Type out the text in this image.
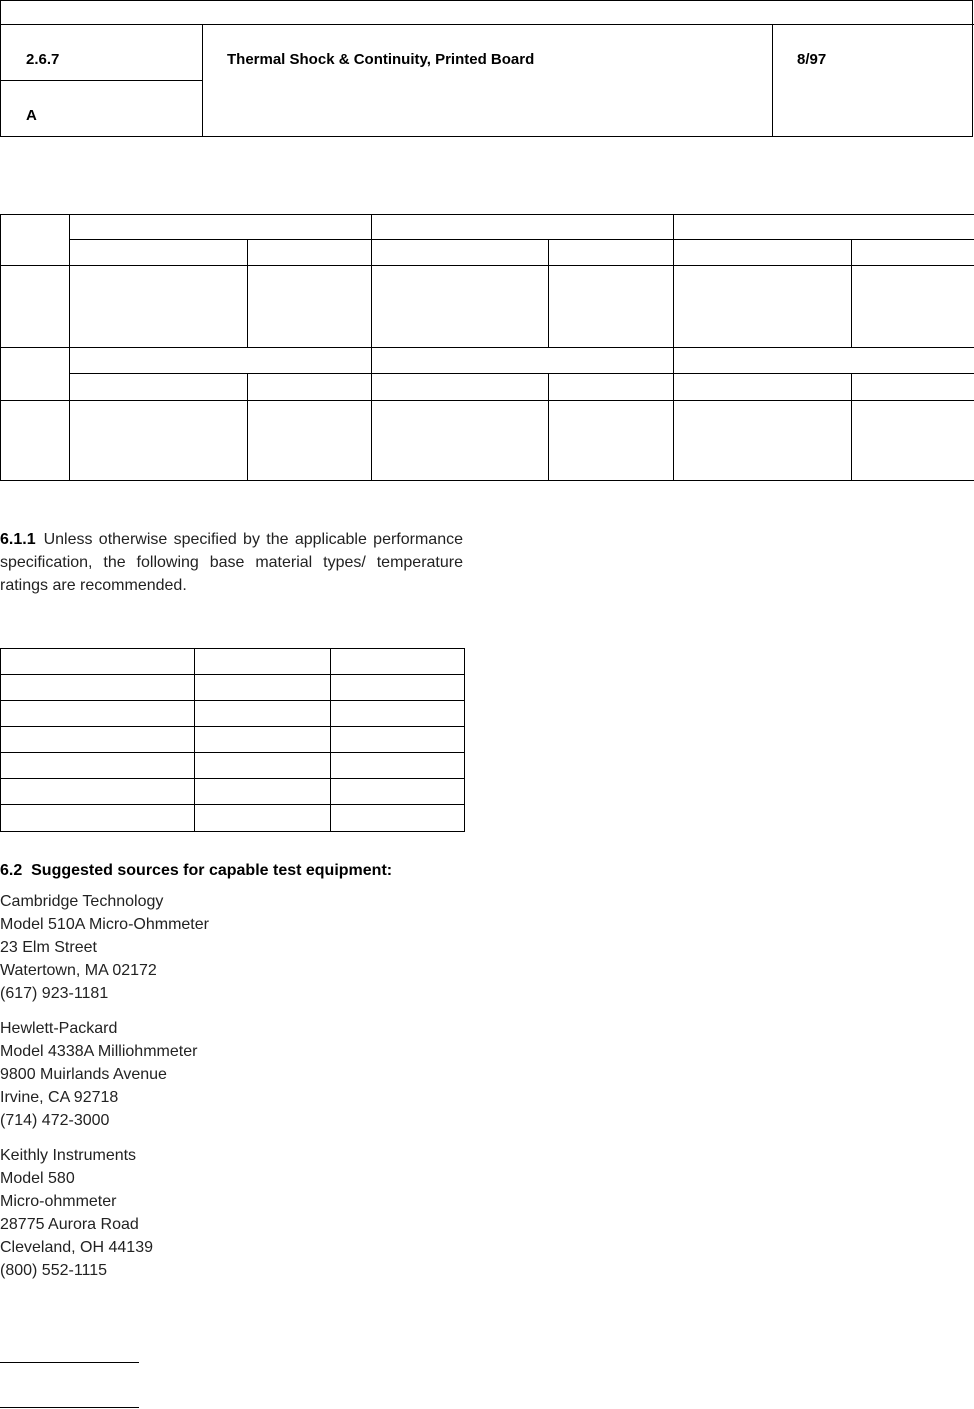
2.6.7
A
Thermal Shock & Continuity, Printed Board	8/97

6.1.1 Unless otherwise specified by the applicable performance specification, the following base material types/ temperature ratings are recommended.

6.2  Suggested sources for capable test equipment:
Cambridge Technology
Model 510A Micro-Ohmmeter
23 Elm Street
Watertown, MA 02172
(617) 923-1181
Hewlett-Packard
Model 4338A Milliohmmeter
9800 Muirlands Avenue
Irvine, CA 92718
(714) 472-3000
Keithly Instruments
Model 580
Micro-ohmmeter
28775 Aurora Road
Cleveland, OH 44139
(800) 552-1115
